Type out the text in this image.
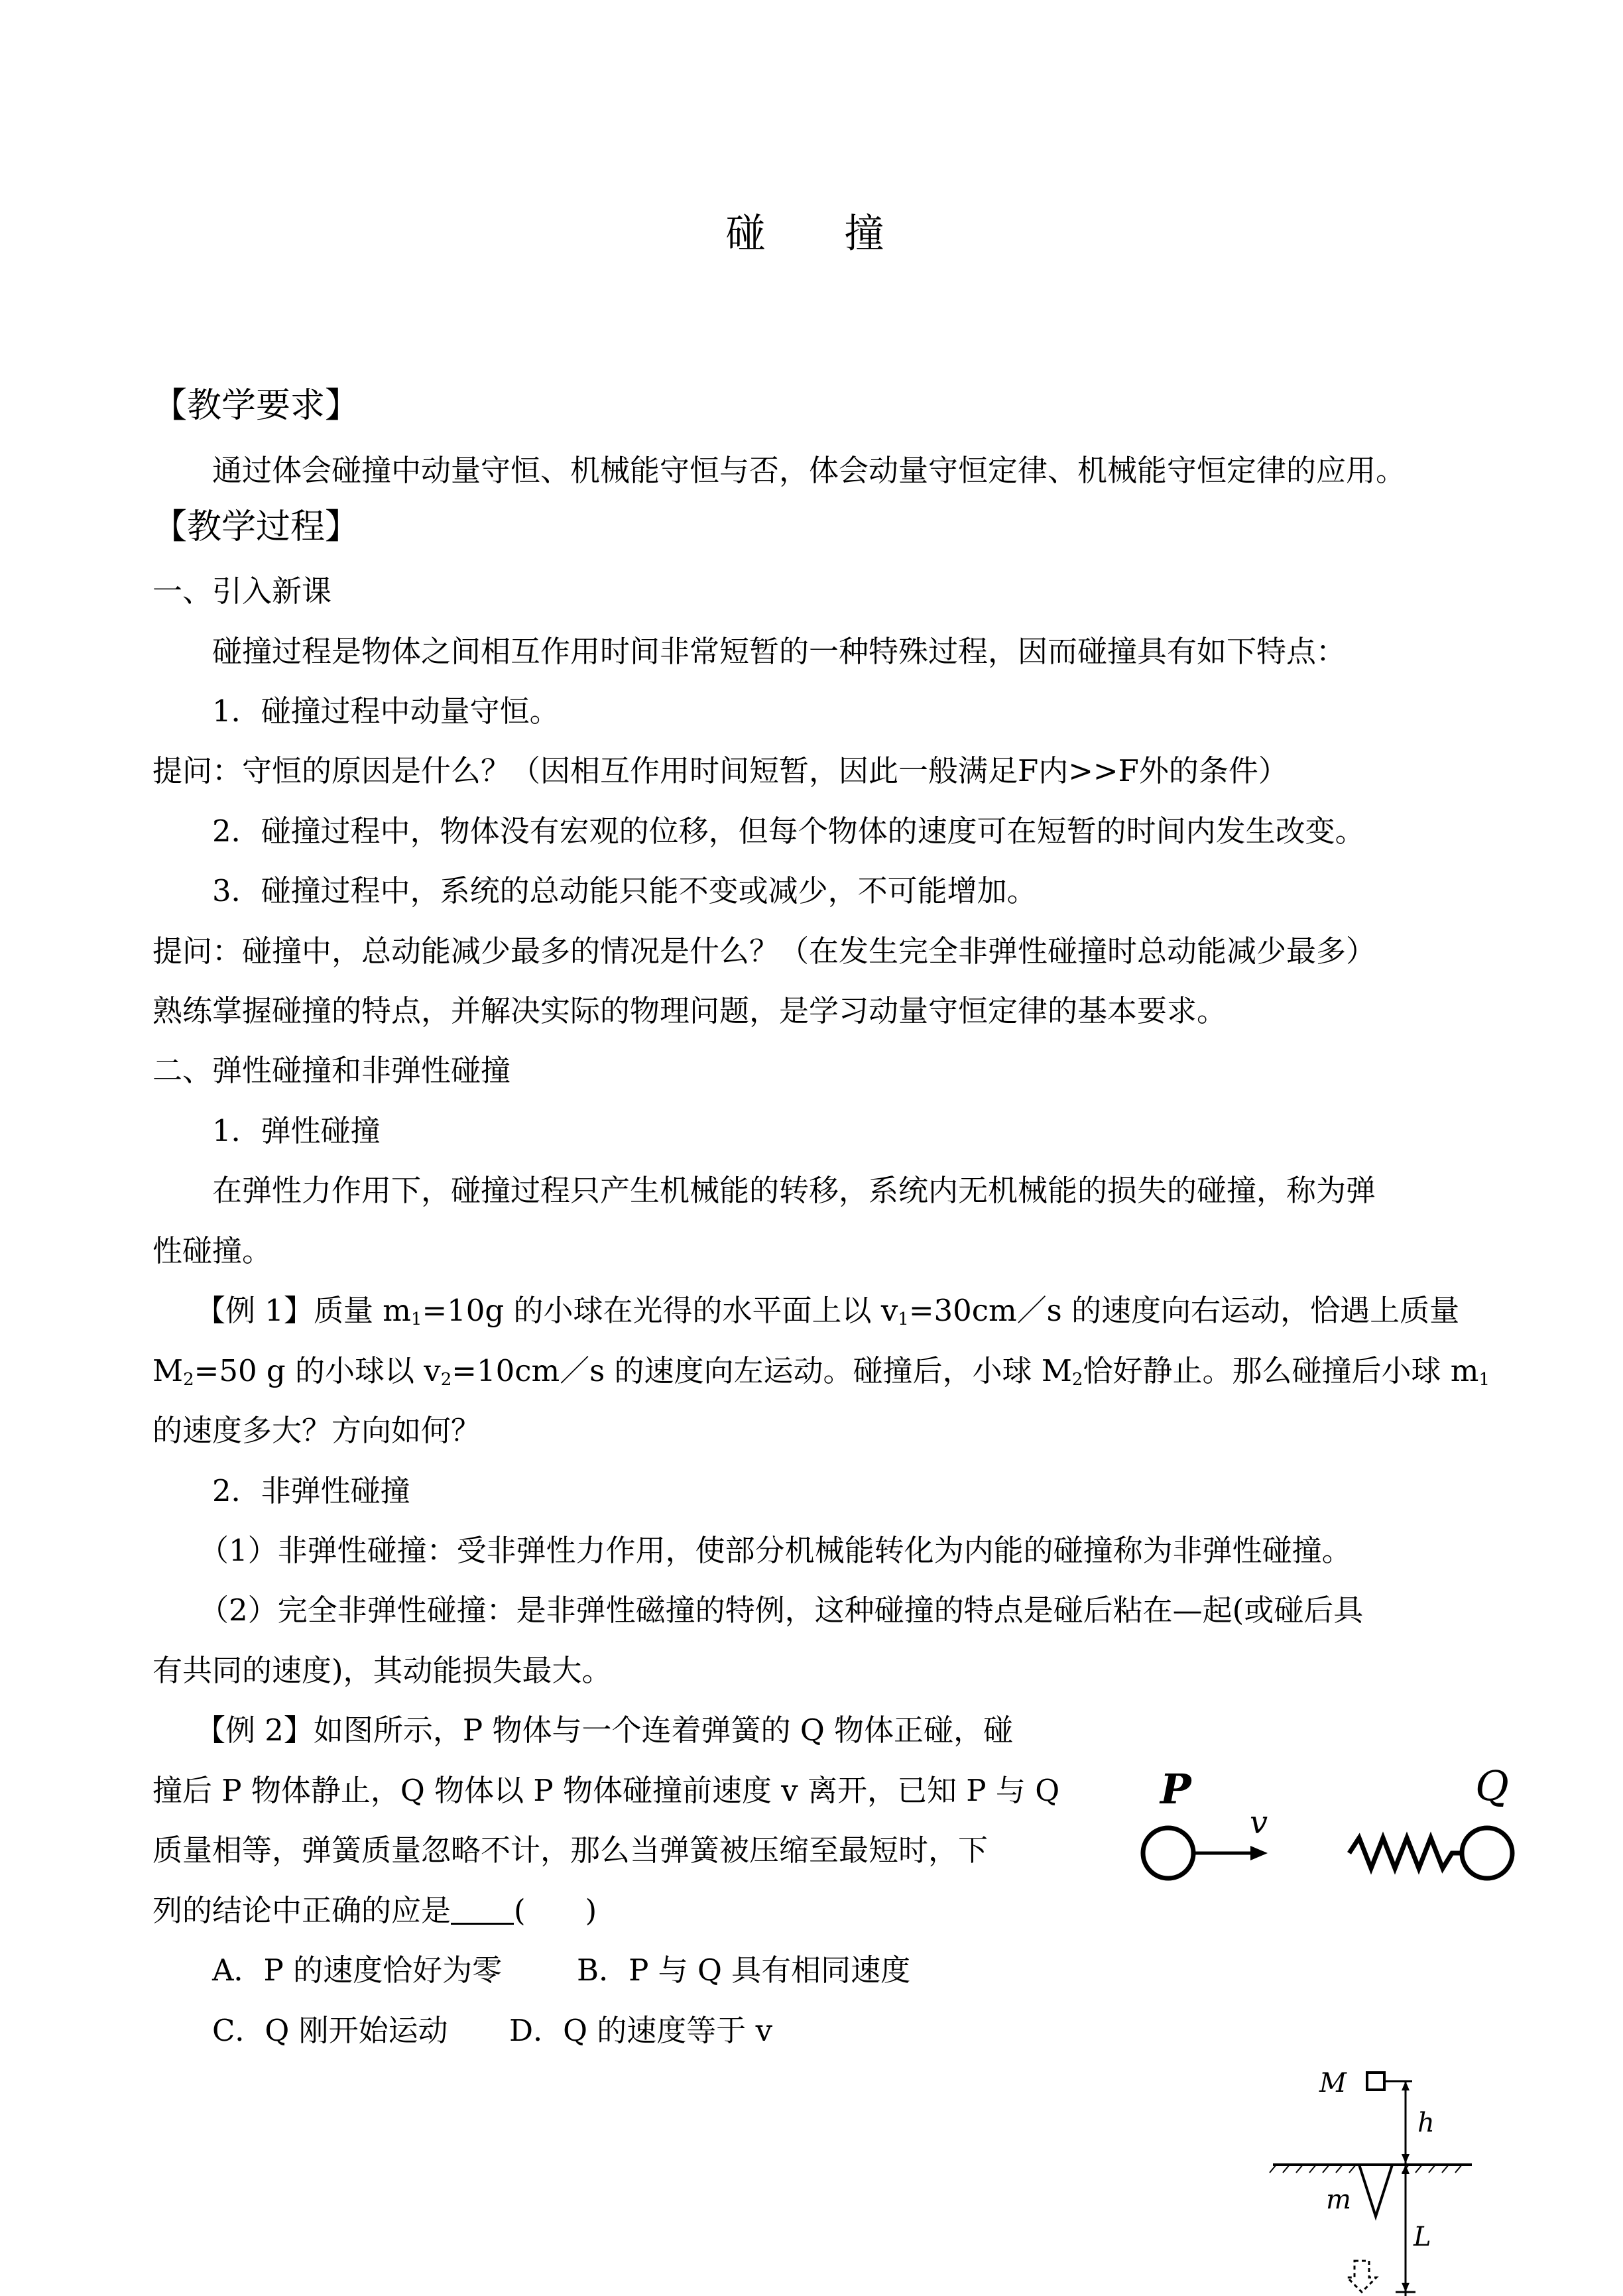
碰 撞
【教学要求】
通过体会碰撞中动量守恒、机械能守恒与否，体会动量守恒定律、机械能守恒定律的应用。
【教学过程】
一、引入新课
碰撞过程是物体之间相互作用时间非常短暂的一种特殊过程，因而碰撞具有如下特点：
1．碰撞过程中动量守恒。
提问：守恒的原因是什么？（因相互作用时间短暂，因此一般满足F内>>F外的条件）
2．碰撞过程中，物体没有宏观的位移，但每个物体的速度可在短暂的时间内发生改变。
3．碰撞过程中，系统的总动能只能不变或减少，不可能增加。
提问：碰撞中，总动能减少最多的情况是什么？（在发生完全非弹性碰撞时总动能减少最多）
熟练掌握碰撞的特点，并解决实际的物理问题，是学习动量守恒定律的基本要求。
二、弹性碰撞和非弹性碰撞
1．弹性碰撞
在弹性力作用下，碰撞过程只产生机械能的转移，系统内无机械能的损失的碰撞，称为弹
性碰撞。
【例 1】质量 $m_1=10g$ 的小球在光得的水平面上以 $v_1=30cm/s$ 的速度向右运动，恰遇上质量
$M_2=50$ g 的小球以 $v_2=10cm/s$ 的速度向左运动。碰撞后，小球 $M_2$恰好静止。那么碰撞后小球 $m_1$
的速度多大？方向如何？
2．非弹性碰撞
（1）非弹性碰撞：受非弹性力作用，使部分机械能转化为内能的碰撞称为非弹性碰撞。
（2）完全非弹性碰撞：是非弹性磁撞的特例，这种碰撞的特点是碰后粘在—起(或碰后具
有共同的速度)，其动能损失最大。
【例 2】如图所示，P 物体与一个连着弹簧的 Q 物体正碰，碰
撞后 P 物体静止，Q 物体以 P 物体碰撞前速度 v 离开，已知 P 与 Q
质量相等，弹簧质量忽略不计，那么当弹簧被压缩至最短时，下
列的结论中正确的应是 (　　)
A．P 的速度恰好为零	B．P 与 Q 具有相同速度
C．Q 刚开始运动 D．Q 的速度等于 v
P
v
Q
M
h
m
L
